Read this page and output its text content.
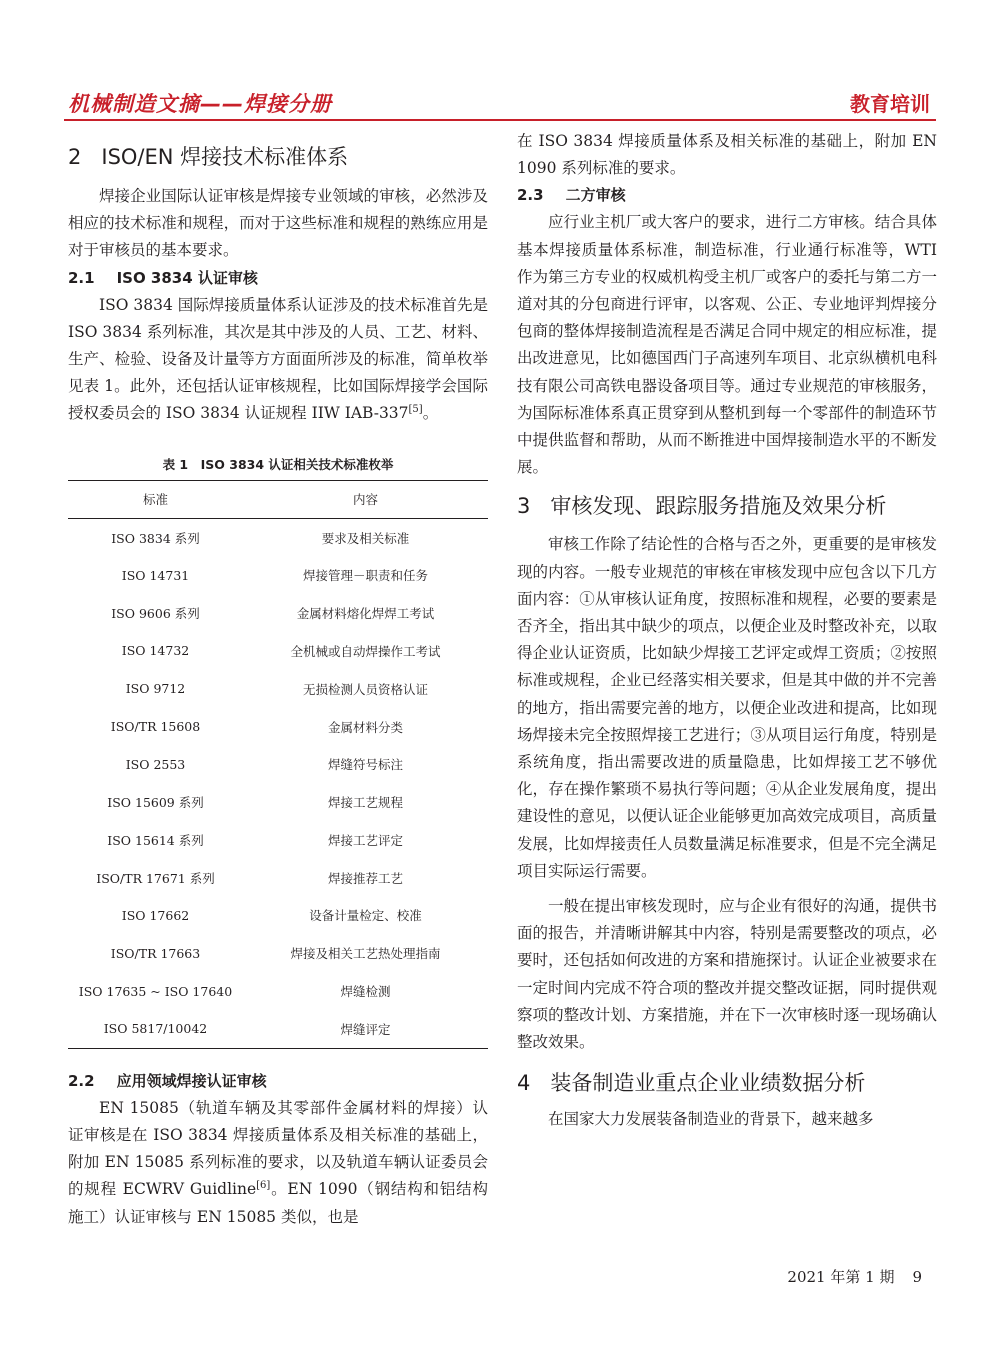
机械制造文摘——焊接分册	教育培训
2 ISO/EN 焊接技术标准体系

焊接企业国际认证审核是焊接专业领域的审核，必然涉及相应的技术标准和规程，而对于这些标准和规程的熟练应用是对于审核员的基本要求。

2.1 ISO 3834 认证审核

ISO 3834 国际焊接质量体系认证涉及的技术标准首先是 ISO 3834 系列标准，其次是其中涉及的人员、工艺、材料、生产、检验、设备及计量等方方面面所涉及的标准，简单枚举见表 1。此外，还包括认证审核规程，比如国际焊接学会国际授权委员会的 ISO 3834 认证规程 IIW IAB-337[5]。

表 1　ISO 3834 认证相关技术标准枚举
标准	内容
ISO 3834 系列	要求及相关标准
ISO 14731	焊接管理－职责和任务
ISO 9606 系列	金属材料熔化焊焊工考试
ISO 14732	全机械或自动焊操作工考试
ISO 9712	无损检测人员资格认证
ISO/TR 15608	金属材料分类
ISO 2553	焊缝符号标注
ISO 15609 系列	焊接工艺规程
ISO 15614 系列	焊接工艺评定
ISO/TR 17671 系列	焊接推荐工艺
ISO 17662	设备计量检定、校准
ISO/TR 17663	焊接及相关工艺热处理指南
ISO 17635 ~ ISO 17640	焊缝检测
ISO 5817/10042	焊缝评定
2.2 应用领域焊接认证审核

EN 15085（轨道车辆及其零部件金属材料的焊接）认证审核是在 ISO 3834 焊接质量体系及相关标准的基础上，附加 EN 15085 系列标准的要求，以及轨道车辆认证委员会的规程 ECWRV Guidline[6]。EN 1090（钢结构和铝结构施工）认证审核与 EN 15085 类似，也是

在 ISO 3834 焊接质量体系及相关标准的基础上，附加 EN 1090 系列标准的要求。

2.3 二方审核

应行业主机厂或大客户的要求，进行二方审核。结合具体基本焊接质量体系标准，制造标准，行业通行标准等，WTI 作为第三方专业的权威机构受主机厂或客户的委托与第二方一道对其的分包商进行评审，以客观、公正、专业地评判焊接分包商的整体焊接制造流程是否满足合同中规定的相应标准，提出改进意见，比如德国西门子高速列车项目、北京纵横机电科技有限公司高铁电器设备项目等。通过专业规范的审核服务，为国际标准体系真正贯穿到从整机到每一个零部件的制造环节中提供监督和帮助，从而不断推进中国焊接制造水平的不断发展。

3 审核发现、跟踪服务措施及效果分析

审核工作除了结论性的合格与否之外，更重要的是审核发现的内容。一般专业规范的审核在审核发现中应包含以下几方面内容：①从审核认证角度，按照标准和规程，必要的要素是否齐全，指出其中缺少的项点，以便企业及时整改补充，以取得企业认证资质，比如缺少焊接工艺评定或焊工资质；②按照标准或规程，企业已经落实相关要求，但是其中做的并不完善的地方，指出需要完善的地方，以便企业改进和提高，比如现场焊接未完全按照焊接工艺进行；③从项目运行角度，特别是系统角度，指出需要改进的质量隐患，比如焊接工艺不够优化，存在操作繁琐不易执行等问题；④从企业发展角度，提出建设性的意见，以便认证企业能够更加高效完成项目，高质量发展，比如焊接责任人员数量满足标准要求，但是不完全满足项目实际运行需要。

一般在提出审核发现时，应与企业有很好的沟通，提供书面的报告，并清晰讲解其中内容，特别是需要整改的项点，必要时，还包括如何改进的方案和措施探讨。认证企业被要求在一定时间内完成不符合项的整改并提交整改证据，同时提供观察项的整改计划、方案措施，并在下一次审核时逐一现场确认整改效果。

4 装备制造业重点企业业绩数据分析

在国家大力发展装备制造业的背景下，越来越多

2021 年第 1 期 9
